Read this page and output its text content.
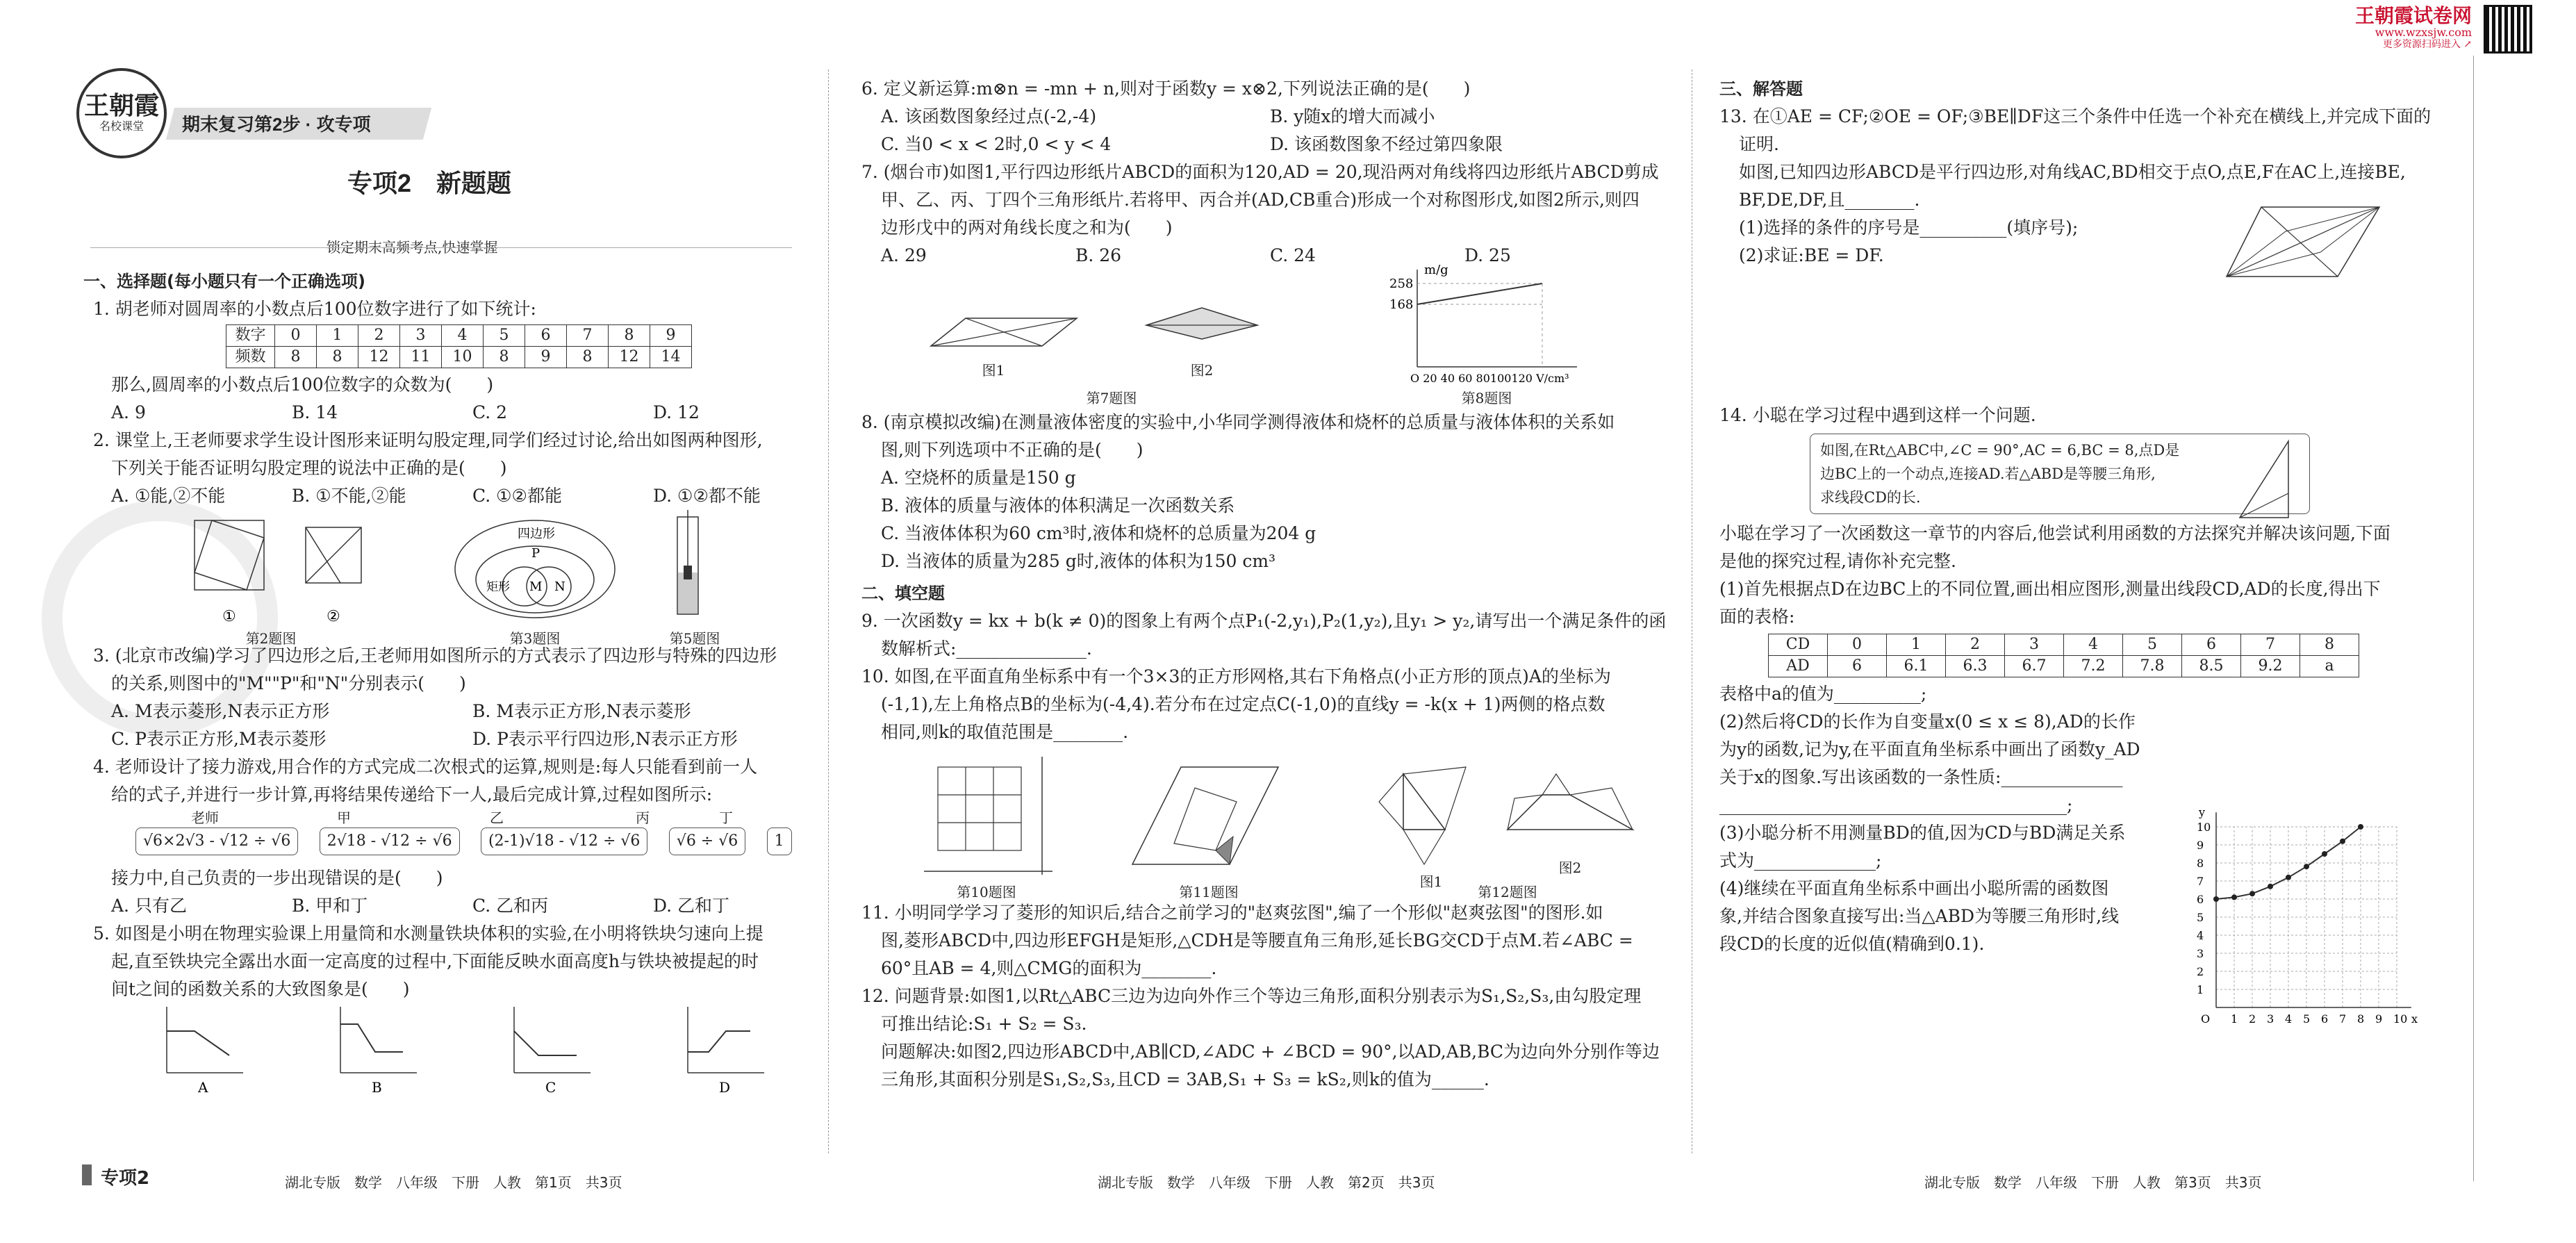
王朝霞
名校课堂	期末复习第2步 · 攻专项
专项2　新题题
锁定期末高频考点,快速掌握
王朝霞试卷网
www.wzxsjw.com
更多资源扫码进入 ↗
一、选择题(每小题只有一个正确选项)
1. 胡老师对圆周率的小数点后100位数字进行了如下统计:
数字	0	1	2	3	4	5	6	7	8	9
频数	8	8	12	11	10	8	9	8	12	14
那么,圆周率的小数点后100位数字的众数为(　　)
A. 9	B. 14	C. 2	D. 12
2. 课堂上,王老师要求学生设计图形来证明勾股定理,同学们经过讨论,给出如图两种图形,
下列关于能否证明勾股定理的说法中正确的是(　　)
A. ①能,②不能	B. ①不能,②能	C. ①②都能	D. ①②都不能
①	②
第2题图
四边形
P
矩形 M N
第3题图	第5题图
3. (北京市改编)学习了四边形之后,王老师用如图所示的方式表示了四边形与特殊的四边形
的关系,则图中的"M""P"和"N"分别表示(　　)
A. M表示菱形,N表示正方形	B. M表示正方形,N表示菱形
C. P表示正方形,M表示菱形	D. P表示平行四边形,N表示正方形
4. 老师设计了接力游戏,用合作的方式完成二次根式的运算,规则是:每人只能看到前一人
给的式子,并进行一步计算,再将结果传递给下一人,最后完成计算,过程如图所示:
老师	甲	乙	丙	丁
√6×2√3 - √12 ÷ √6 2√18 - √12 ÷ √6 (2-1)√18 - √12 ÷ √6 √6 ÷ √6 1
接力中,自己负责的一步出现错误的是(　　)
A. 只有乙	B. 甲和丁	C. 乙和丙	D. 乙和丁
5. 如图是小明在物理实验课上用量筒和水测量铁块体积的实验,在小明将铁块匀速向上提
起,直至铁块完全露出水面一定高度的过程中,下面能反映水面高度h与铁块被提起的时
间t之间的函数关系的大致图象是(　　)
A	B	C	D
6. 定义新运算:m⊗n = -mn + n,则对于函数y = x⊗2,下列说法正确的是(　　)
A. 该函数图象经过点(-2,-4)	B. y随x的增大而减小
C. 当0 < x < 2时,0 < y < 4	D. 该函数图象不经过第四象限
7. (烟台市)如图1,平行四边形纸片ABCD的面积为120,AD = 20,现沿两对角线将四边形纸片ABCD剪成
甲、乙、丙、丁四个三角形纸片.若将甲、丙合并(AD,CB重合)形成一个对称图形戊,如图2所示,则四
边形戊中的两对角线长度之和为(　　)
A. 29	B. 26	C. 24	D. 25
图1	图2
第7题图
m/g
258
168
O 20 40 60 80100120 V/cm³
第8题图
8. (南京模拟改编)在测量液体密度的实验中,小华同学测得液体和烧杯的总质量与液体体积的关系如
图,则下列选项中不正确的是(　　)
A. 空烧杯的质量是150 g
B. 液体的质量与液体的体积满足一次函数关系
C. 当液体体积为60 cm³时,液体和烧杯的总质量为204 g
D. 当液体的质量为285 g时,液体的体积为150 cm³
二、填空题
9. 一次函数y = kx + b(k ≠ 0)的图象上有两个点P₁(-2,y₁),P₂(1,y₂),且y₁ > y₂,请写出一个满足条件的函
数解析式:_______________.
10. 如图,在平面直角坐标系中有一个3×3的正方形网格,其右下角格点(小正方形的顶点)A的坐标为
(-1,1),左上角格点B的坐标为(-4,4).若分布在过定点C(-1,0)的直线y = -k(x + 1)两侧的格点数
相同,则k的取值范围是________.
第10题图	第11题图
图1
图2
第12题图
11. 小明同学学习了菱形的知识后,结合之前学习的"赵爽弦图",编了一个形似"赵爽弦图"的图形.如
图,菱形ABCD中,四边形EFGH是矩形,△CDH是等腰直角三角形,延长BG交CD于点M.若∠ABC =
60°且AB = 4,则△CMG的面积为________.
12. 问题背景:如图1,以Rt△ABC三边为边向外作三个等边三角形,面积分别表示为S₁,S₂,S₃,由勾股定理
可推出结论:S₁ + S₂ = S₃.
问题解决:如图2,四边形ABCD中,AB∥CD,∠ADC + ∠BCD = 90°,以AD,AB,BC为边向外分别作等边
三角形,其面积分别是S₁,S₂,S₃,且CD = 3AB,S₁ + S₃ = kS₂,则k的值为______.
三、解答题
13. 在①AE = CF;②OE = OF;③BE∥DF这三个条件中任选一个补充在横线上,并完成下面的
证明.
如图,已知四边形ABCD是平行四边形,对角线AC,BD相交于点O,点E,F在AC上,连接BE,
BF,DE,DF,且________.
(1)选择的条件的序号是__________(填序号);
(2)求证:BE = DF.
14. 小聪在学习过程中遇到这样一个问题.
如图,在Rt△ABC中,∠C = 90°,AC = 6,BC = 8,点D是
边BC上的一个动点,连接AD.若△ABD是等腰三角形,
求线段CD的长.
小聪在学习了一次函数这一章节的内容后,他尝试利用函数的方法探究并解决该问题,下面
是他的探究过程,请你补充完整.
(1)首先根据点D在边BC上的不同位置,画出相应图形,测量出线段CD,AD的长度,得出下
面的表格:
CD	0	1	2	3	4	5	6	7	8
AD	6	6.1	6.3	6.7	7.2	7.8	8.5	9.2	a
表格中a的值为__________;
(2)然后将CD的长作为自变量x(0 ≤ x ≤ 8),AD的长作
为y的函数,记为y,在平面直角坐标系中画出了函数y_AD
关于x的图象.写出该函数的一条性质:______________
________________________________________;
(3)小聪分析不用测量BD的值,因为CD与BD满足关系
式为______________;
(4)继续在平面直角坐标系中画出小聪所需的函数图
象,并结合图象直接写出:当△ABD为等腰三角形时,线
段CD的长度的近似值(精确到0.1).
10
9
8
7
6
5
4
3
2
1
O 1 2 3 4 5 6 7 8 9 10 x
y
专项2	湖北专版　数学　八年级　下册　人教　第1页　共3页	湖北专版　数学　八年级　下册　人教　第2页　共3页	湖北专版　数学　八年级　下册　人教　第3页　共3页
